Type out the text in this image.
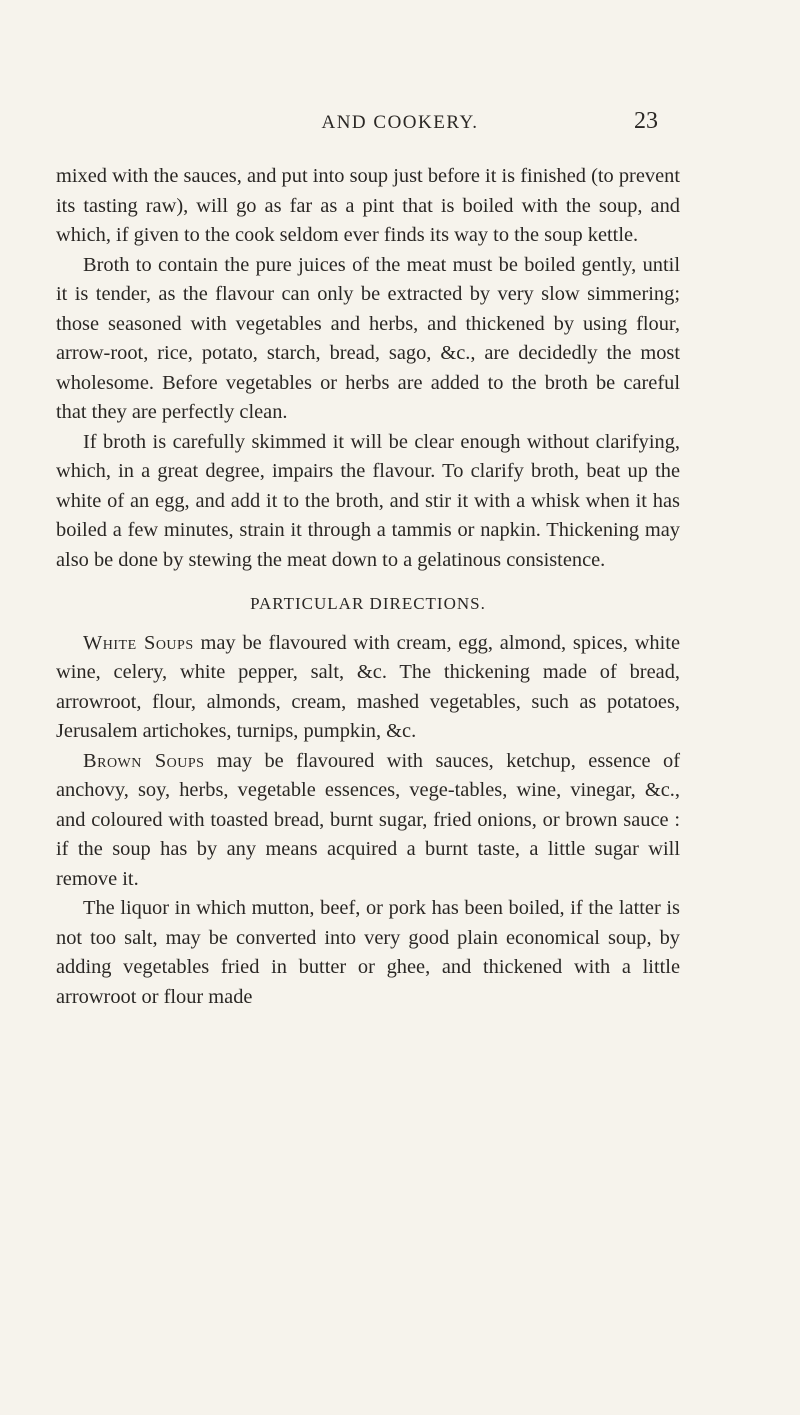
AND COOKERY.	23

mixed with the sauces, and put into soup just before it is finished (to prevent its tasting raw), will go as far as a pint that is boiled with the soup, and which, if given to the cook seldom ever finds its way to the soup kettle.

Broth to contain the pure juices of the meat must be boiled gently, until it is tender, as the flavour can only be extracted by very slow simmering; those seasoned with vegetables and herbs, and thickened by using flour, arrow-root, rice, potato, starch, bread, sago, &c., are decidedly the most wholesome. Before vegetables or herbs are added to the broth be careful that they are perfectly clean.

If broth is carefully skimmed it will be clear enough without clarifying, which, in a great degree, impairs the flavour. To clarify broth, beat up the white of an egg, and add it to the broth, and stir it with a whisk when it has boiled a few minutes, strain it through a tammis or napkin. Thickening may also be done by stewing the meat down to a gelatinous consistence.

PARTICULAR DIRECTIONS.

White Soups may be flavoured with cream, egg, almond, spices, white wine, celery, white pepper, salt, &c. The thickening made of bread, arrowroot, flour, almonds, cream, mashed vegetables, such as potatoes, Jerusalem artichokes, turnips, pumpkin, &c.

Brown Soups may be flavoured with sauces, ketchup, essence of anchovy, soy, herbs, vegetable essences, vege-tables, wine, vinegar, &c., and coloured with toasted bread, burnt sugar, fried onions, or brown sauce : if the soup has by any means acquired a burnt taste, a little sugar will remove it.

The liquor in which mutton, beef, or pork has been boiled, if the latter is not too salt, may be converted into very good plain economical soup, by adding vegetables fried in butter or ghee, and thickened with a little arrowroot or flour made
